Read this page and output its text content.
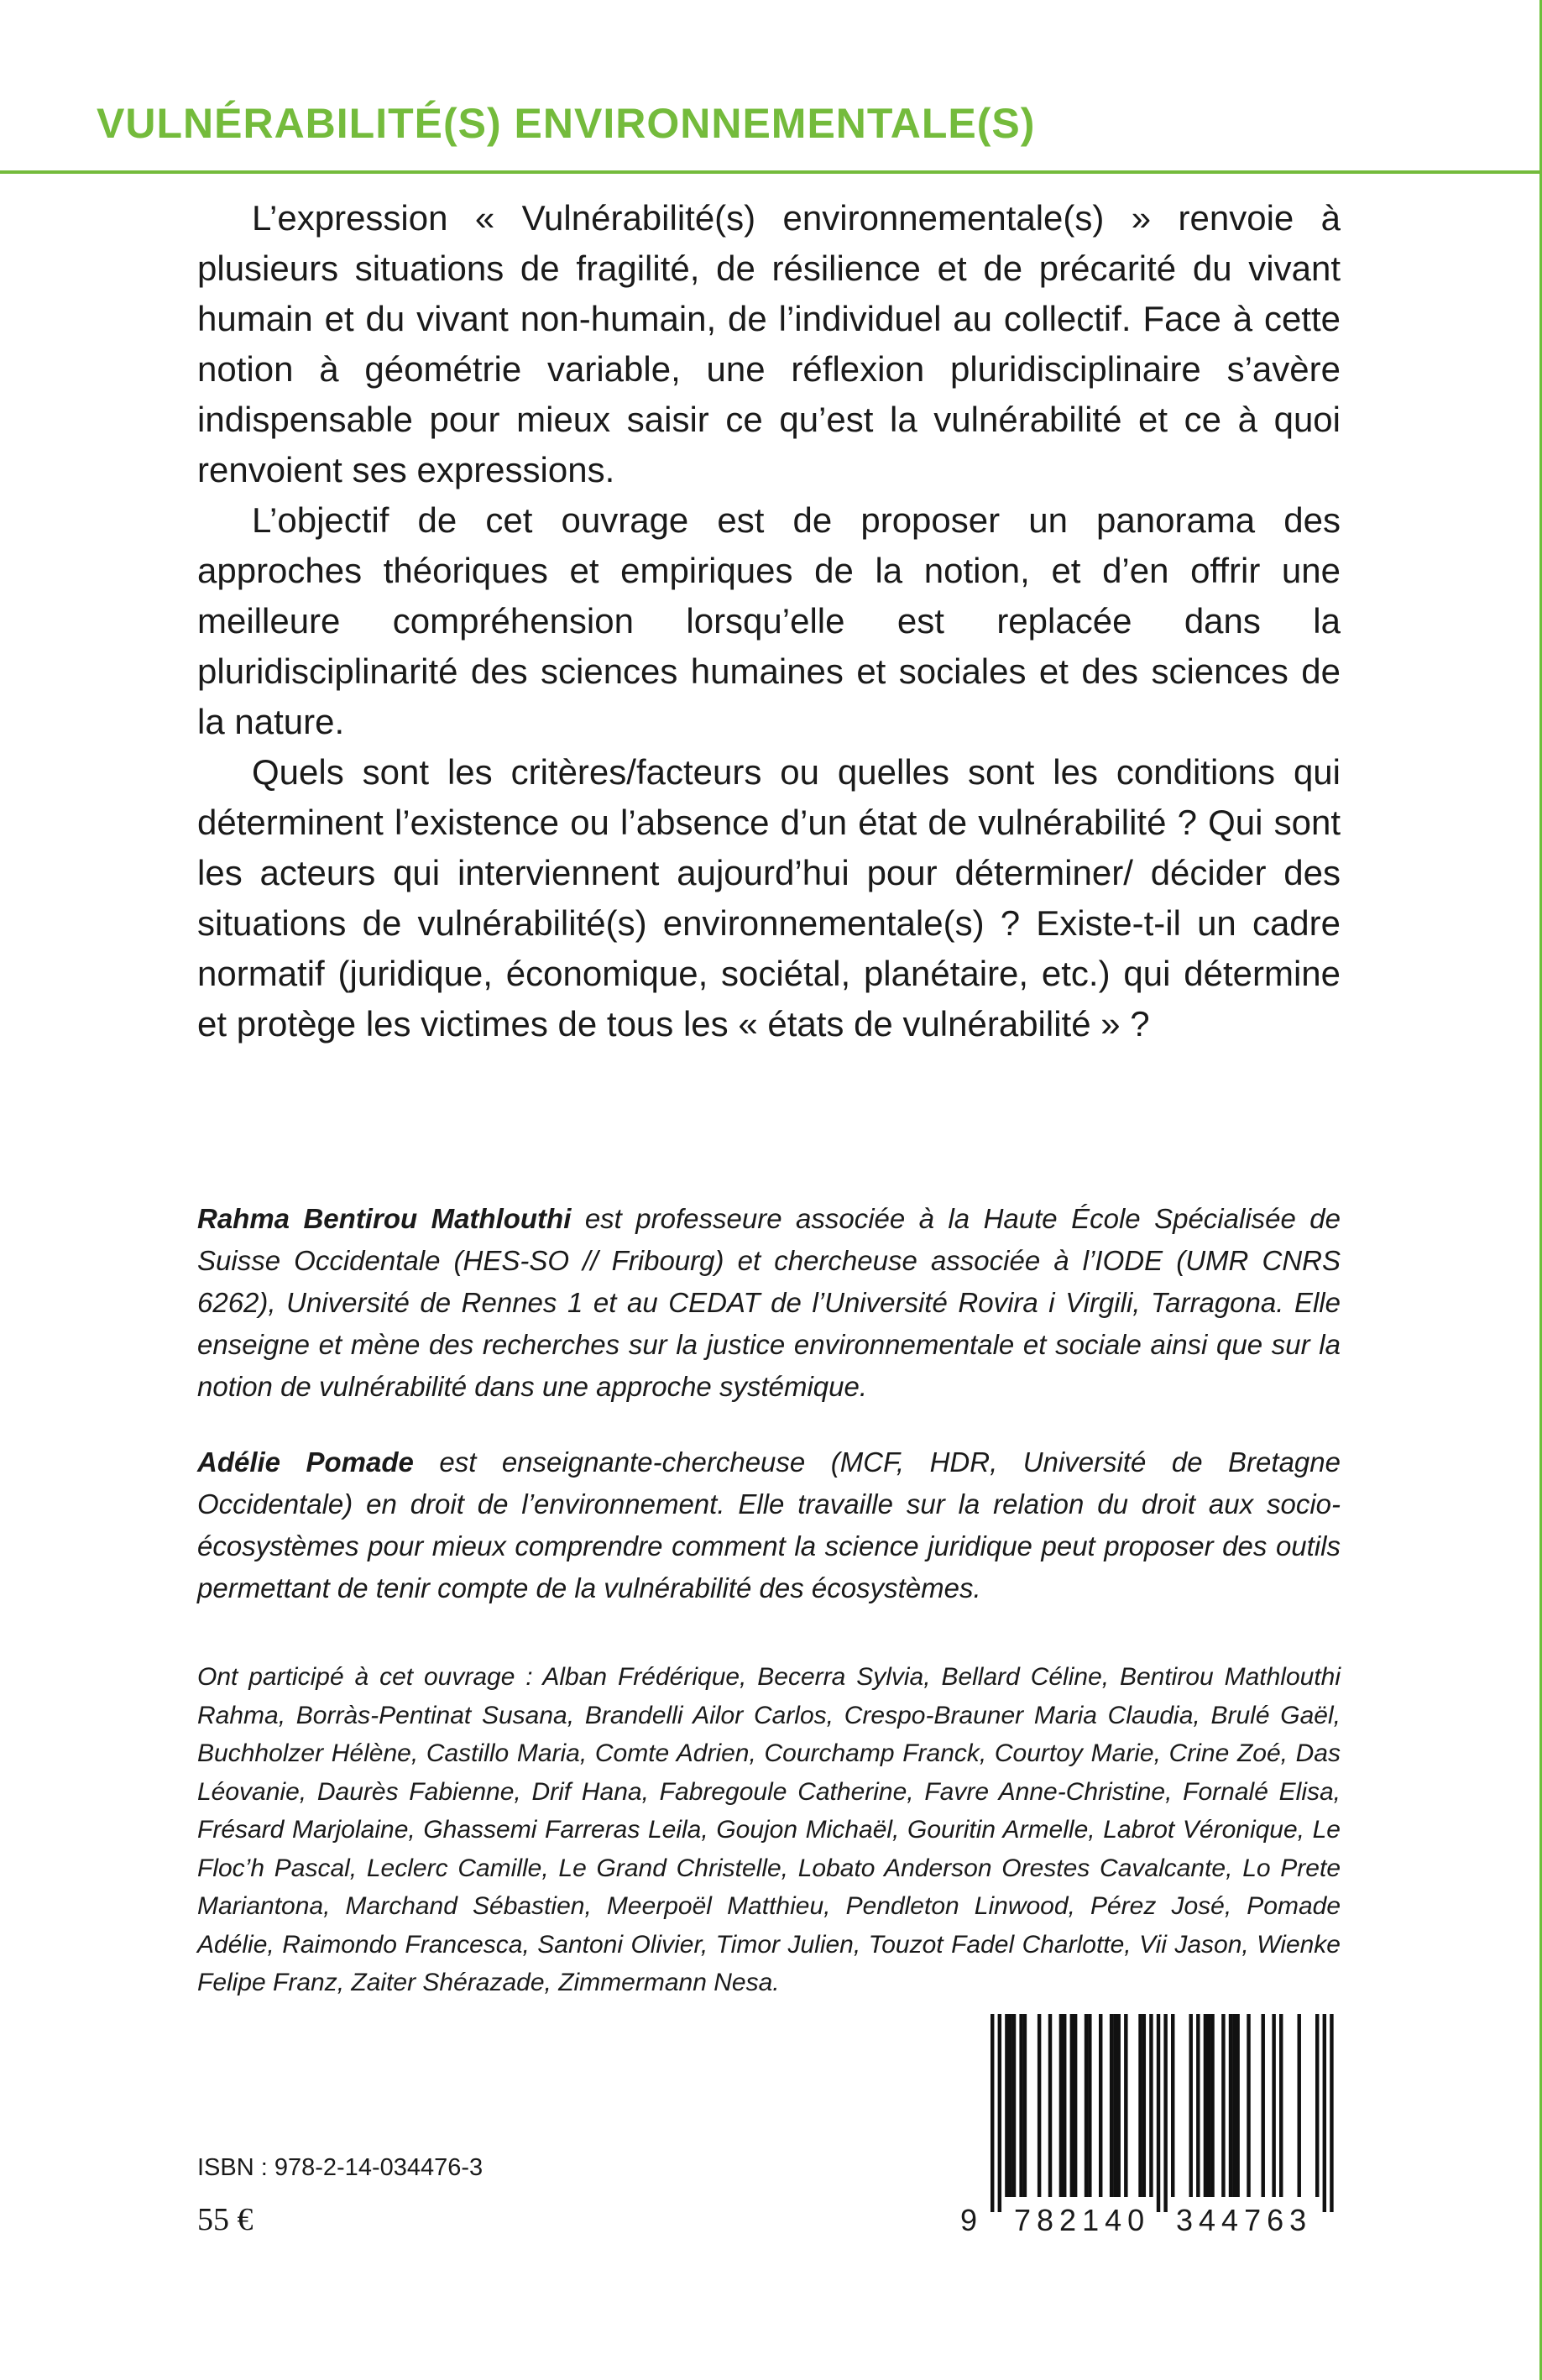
VULNÉRABILITÉ(S) ENVIRONNEMENTALE(S)

L’expression « Vulnérabilité(s) environnementale(s) » renvoie à plusieurs situations de fragilité, de résilience et de précarité du vivant humain et du vivant non-humain, de l’individuel au collectif. Face à cette notion à géométrie variable, une réflexion pluridisciplinaire s’avère indispensable pour mieux saisir ce qu’est la vulnérabilité et ce à quoi renvoient ses expressions.

L’objectif de cet ouvrage est de proposer un panorama des approches théoriques et empiriques de la notion, et d’en offrir une meilleure compréhension lorsqu’elle est replacée dans la pluridisciplinarité des sciences humaines et sociales et des sciences de la nature.

Quels sont les critères/facteurs ou quelles sont les conditions qui déterminent l’existence ou l’absence d’un état de vulnérabilité ? Qui sont les acteurs qui interviennent aujourd’hui pour déterminer/ décider des situations de vulnérabilité(s) environnementale(s) ? Existe-t-il un cadre normatif (juridique, économique, sociétal, planétaire, etc.) qui détermine et protège les victimes de tous les « états de vulnérabilité » ?

Rahma Bentirou Mathlouthi est professeure associée à la Haute École Spécialisée de Suisse Occidentale (HES-SO // Fribourg) et chercheuse associée à l’IODE (UMR CNRS 6262), Université de Rennes 1 et au CEDAT de l’Université Rovira i Virgili, Tarragona. Elle enseigne et mène des recherches sur la justice environnementale et sociale ainsi que sur la notion de vulnérabilité dans une approche systémique.

Adélie Pomade est enseignante-chercheuse (MCF, HDR, Université de Bretagne Occidentale) en droit de l’environnement. Elle travaille sur la relation du droit aux socio-écosystèmes pour mieux comprendre comment la science juridique peut proposer des outils permettant de tenir compte de la vulnérabilité des écosystèmes.

Ont participé à cet ouvrage : Alban Frédérique, Becerra Sylvia, Bellard Céline, Bentirou Mathlouthi Rahma, Borràs-Pentinat Susana, Brandelli Ailor Carlos, Crespo-Brauner Maria Claudia, Brulé Gaël, Buchholzer Hélène, Castillo Maria, Comte Adrien, Courchamp Franck, Courtoy Marie, Crine Zoé, Das Léovanie, Daurès Fabienne, Drif Hana, Fabregoule Catherine, Favre Anne-Christine, Fornalé Elisa, Frésard Marjolaine, Ghassemi Farreras Leila, Goujon Michaël, Gouritin Armelle, Labrot Véronique, Le Floc’h Pascal, Leclerc Camille, Le Grand Christelle, Lobato Anderson Orestes Cavalcante, Lo Prete Mariantona, Marchand Sébastien, Meerpoël Matthieu, Pendleton Linwood, Pérez José, Pomade Adélie, Raimondo Francesca, Santoni Olivier, Timor Julien, Touzot Fadel Charlotte, Vii Jason, Wienke Felipe Franz, Zaiter Shérazade, Zimmermann Nesa.

ISBN : 978-2-14-034476-3
55 €	9 782140 344763
